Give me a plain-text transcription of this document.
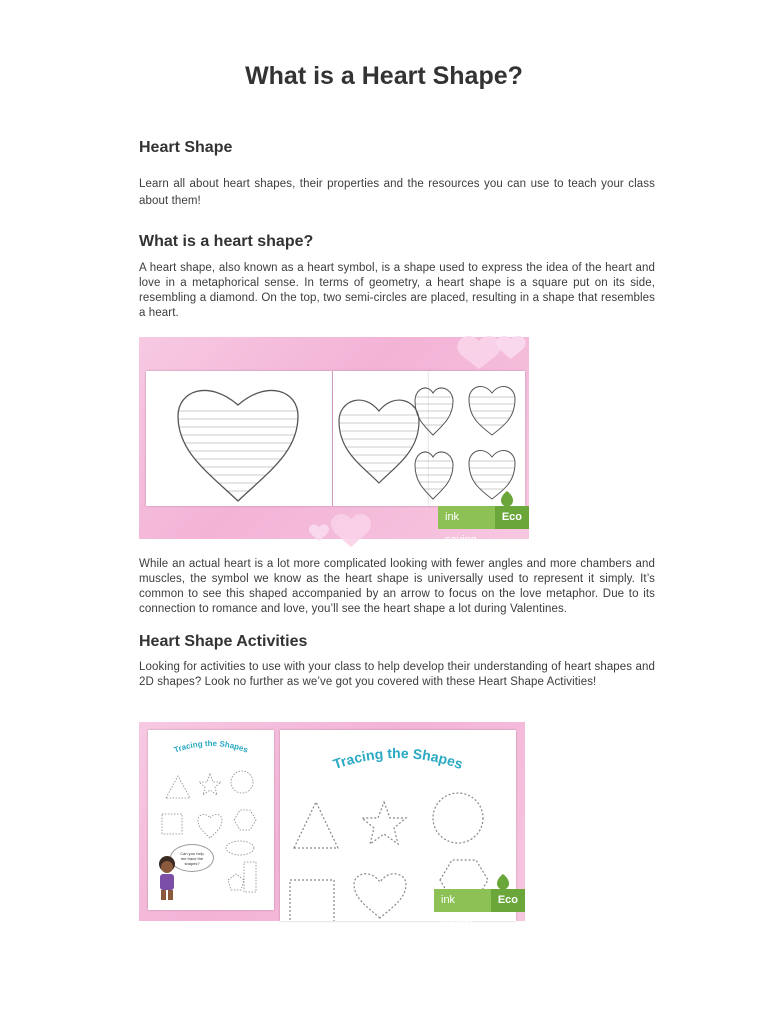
What is a Heart Shape?
Heart Shape

Learn all about heart shapes, their properties and the resources you can use to teach your class about them!

What is a heart shape?

A heart shape, also known as a heart symbol, is a shape used to express the idea of the heart and love in a metaphorical sense. In terms of geometry, a heart shape is a square put on its side, resembling a diamond. On the top, two semi-circles are placed, resulting in a shape that resembles a heart.

ink saving
Eco

While an actual heart is a lot more complicated looking with fewer angles and more chambers and muscles, the symbol we know as the heart shape is universally used to represent it simply. It’s common to see this shaped accompanied by an arrow to focus on the love metaphor. Due to its connection to romance and love, you’ll see the heart shape a lot during Valentines.

Heart Shape Activities

Looking for activities to use with your class to help develop their understanding of heart shapes and 2D shapes? Look no further as we’ve got you covered with these Heart Shape Activities!

Tracing the Shapes
Can you help me trace the shapes?
Tracing the Shapes
ink saving
Eco
